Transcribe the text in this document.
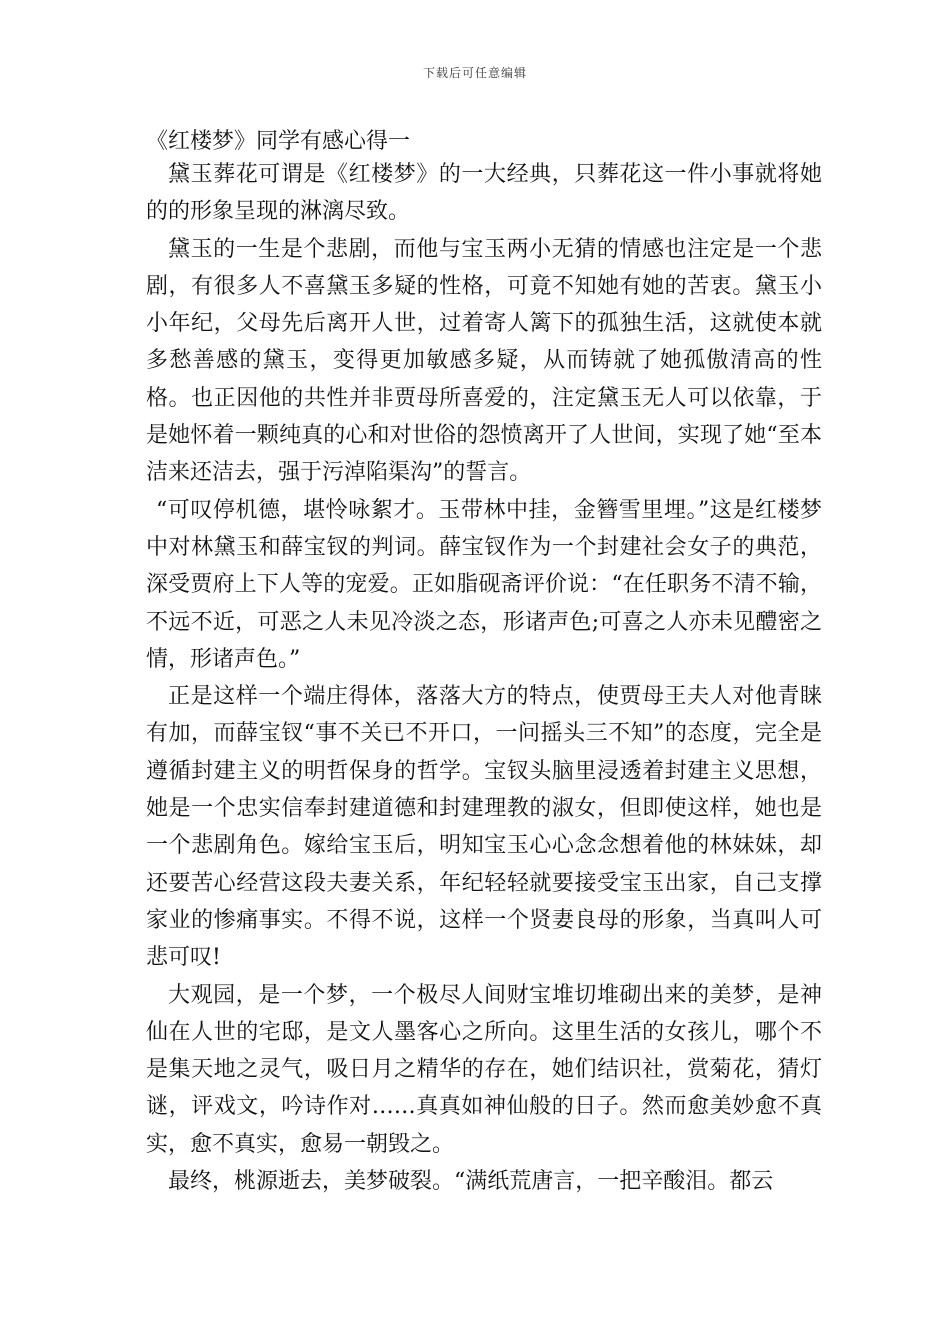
下载后可任意编辑
《红楼梦》同学有感心得一

黛玉葬花可谓是《红楼梦》的一大经典，只葬花这一件小事就将她的的形象呈现的淋漓尽致。

黛玉的一生是个悲剧，而他与宝玉两小无猜的情感也注定是一个悲剧，有很多人不喜黛玉多疑的性格，可竟不知她有她的苦衷。黛玉小小年纪，父母先后离开人世，过着寄人篱下的孤独生活，这就使本就多愁善感的黛玉，变得更加敏感多疑，从而铸就了她孤傲清高的性格。也正因他的共性并非贾母所喜爱的，注定黛玉无人可以依靠，于是她怀着一颗纯真的心和对世俗的怨愤离开了人世间，实现了她“至本洁来还洁去，强于污淖陷渠沟”的誓言。

“可叹停机德，堪怜咏絮才。玉带林中挂，金簪雪里埋。”这是红楼梦中对林黛玉和薛宝钗的判词。薛宝钗作为一个封建社会女子的典范，深受贾府上下人等的宠爱。正如脂砚斋评价说：“在任职务不清不输，不远不近，可恶之人未见冷淡之态，形诸声色;可喜之人亦未见醴密之情，形诸声色。”

正是这样一个端庄得体，落落大方的特点，使贾母王夫人对他青睐有加，而薛宝钗“事不关已不开口，一问摇头三不知”的态度，完全是遵循封建主义的明哲保身的哲学。宝钗头脑里浸透着封建主义思想，她是一个忠实信奉封建道德和封建理教的淑女，但即使这样，她也是一个悲剧角色。嫁给宝玉后，明知宝玉心心念念想着他的林妹妹，却还要苦心经营这段夫妻关系，年纪轻轻就要接受宝玉出家，自己支撑家业的惨痛事实。不得不说，这样一个贤妻良母的形象，当真叫人可悲可叹!

大观园，是一个梦，一个极尽人间财宝堆切堆砌出来的美梦，是神仙在人世的宅邸，是文人墨客心之所向。这里生活的女孩儿，哪个不是集天地之灵气，吸日月之精华的存在，她们结识社，赏菊花，猜灯谜，评戏文，吟诗作对……真真如神仙般的日子。然而愈美妙愈不真实，愈不真实，愈易一朝毁之。

最终，桃源逝去，美梦破裂。“满纸荒唐言，一把辛酸泪。都云
